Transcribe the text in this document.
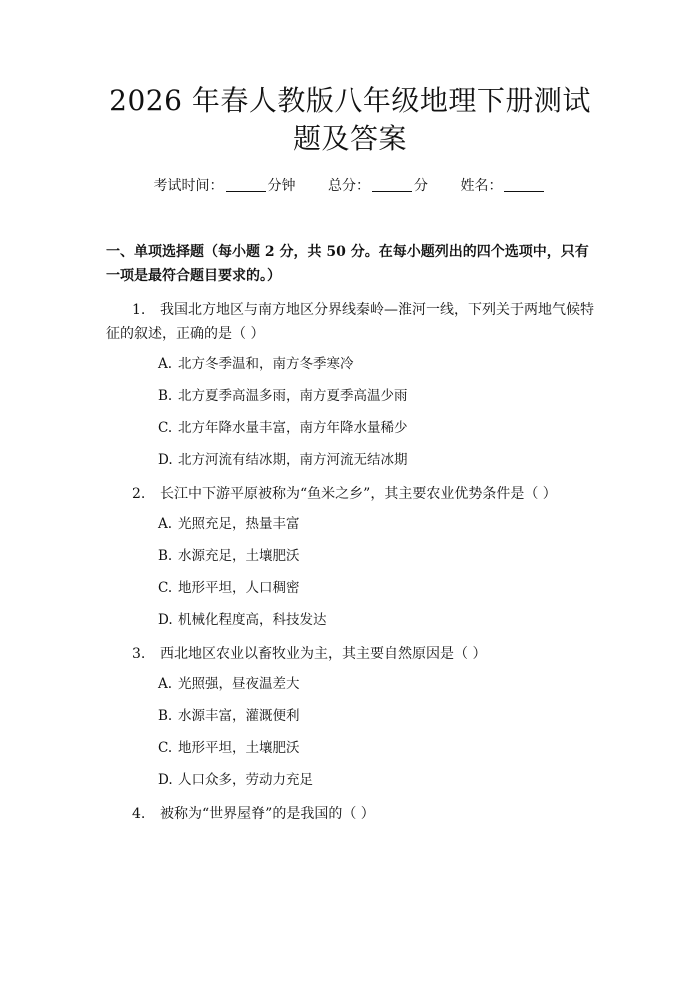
2026 年春人教版八年级地理下册测试题及答案
考试时间：	分钟 总分：	分 姓名：
一、单项选择题（每小题 2 分，共 50 分。在每小题列出的四个选项中，只有一项是最符合题目要求的。）
1. 我国北方地区与南方地区分界线秦岭—淮河一线，下列关于两地气候特征的叙述，正确的是（ ）
A. 北方冬季温和，南方冬季寒冷
B. 北方夏季高温多雨，南方夏季高温少雨
C. 北方年降水量丰富，南方年降水量稀少
D. 北方河流有结冰期，南方河流无结冰期
2. 长江中下游平原被称为“鱼米之乡”，其主要农业优势条件是（ ）
A. 光照充足，热量丰富
B. 水源充足，土壤肥沃
C. 地形平坦，人口稠密
D. 机械化程度高，科技发达
3. 西北地区农业以畜牧业为主，其主要自然原因是（ ）
A. 光照强，昼夜温差大
B. 水源丰富，灌溉便利
C. 地形平坦，土壤肥沃
D. 人口众多，劳动力充足
4. 被称为“世界屋脊”的是我国的（ ）
